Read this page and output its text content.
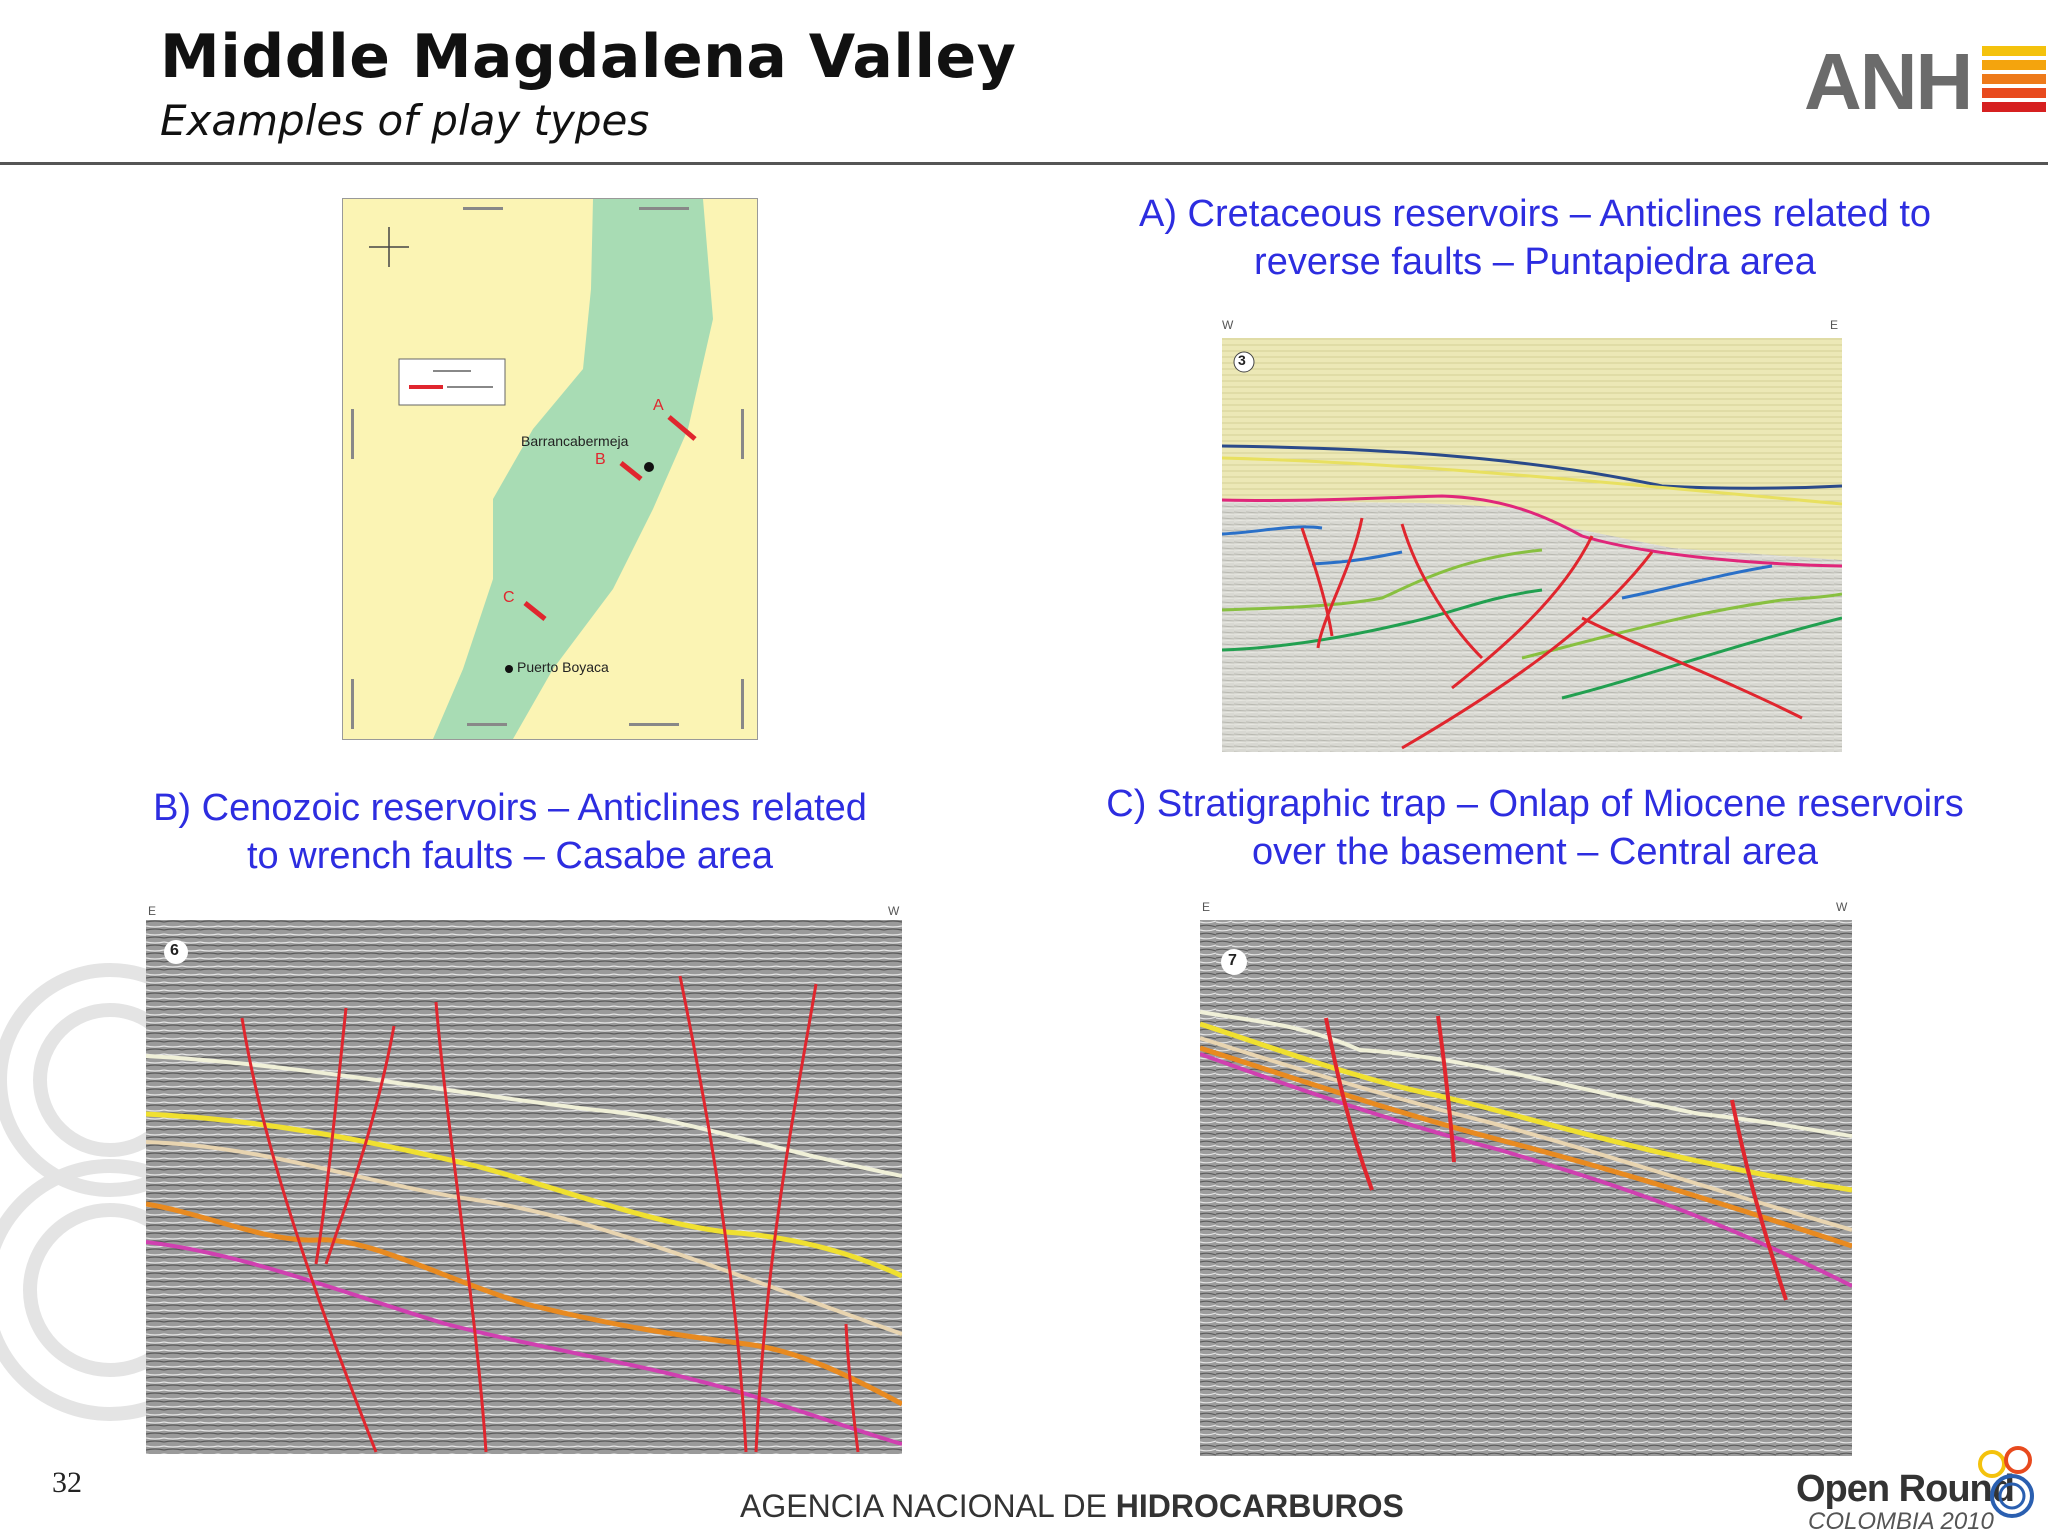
Middle Magdalena Valley
Examples of play types	ANH
Barrancabermeja
Puerto Boyaca
A
B
C
A) Cretaceous reservoirs – Anticlines related to
reverse faults – Puntapiedra area
3
W	E
B) Cenozoic reservoirs – Anticlines related
to wrench faults – Casabe area
C) Stratigraphic trap – Onlap of Miocene reservoirs
over the basement – Central area
6
E	W
7
E	W
32
AGENCIA NACIONAL DE HIDROCARBUROS	Open Round
COLOMBIA 2010
